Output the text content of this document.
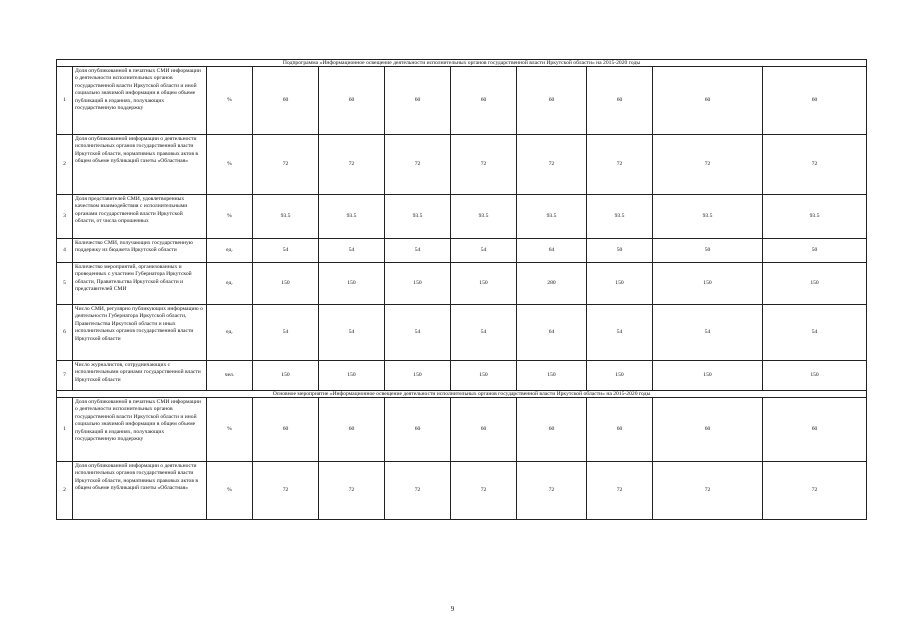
Подпрограмма «Информационное освещение деятельности исполнительных органов государственной власти Иркутской области» на 2015-2020 годы										
1	Доля опубликованной в печатных СМИ информации о деятельности исполнительных органов государственной власти Иркутской области и иной социально значимой информации в общем объеме публикаций в изданиях, получающих государственную поддержку	%	60	60	60	60	60	60	60	60
2	Доля опубликованной информации о деятельности исполнительных органов государственной власти Иркутской области, нормативных правовых актов в общем объеме публикаций газеты «Областная»	%	72	72	72	72	72	72	72	72
3	Доля представителей СМИ, удовлетворенных качеством взаимодействия с исполнительными органами государственной власти Иркутской области, от числа опрошенных	%	93.5	93.5	93.5	93.5	93.5	93.5	93.5	93.5
4	Количество СМИ, получающих государственную поддержку из бюджета Иркутской области	ед.	54	54	54	54	64	50	50	50
5	Количество мероприятий, организованных и проведенных с участием Губернатора Иркутской области, Правительства Иркутской области и представителей СМИ	ед.	150	150	150	150	280	150	150	150
6	Число СМИ, регулярно публикующих информацию о деятельности Губернатора Иркутской области, Правительства Иркутской области и иных исполнительных органов государственной власти Иркутской области	ед.	54	54	54	54	64	54	54	54
7	Число журналистов, сотрудничающих с исполнительными органами государственной власти Иркутской области	чел.	150	150	150	150	150	150	150	150
Основное мероприятие «Информационное освещение деятельности исполнительных органов государственной власти Иркутской области» на 2015-2020 годы										
1	Доля опубликованной в печатных СМИ информации о деятельности исполнительных органов государственной власти Иркутской области и иной социально значимой информации в общем объеме публикаций в изданиях, получающих государственную поддержку	%	60	60	60	60	60	60	60	60
2	Доля опубликованной информации о деятельности исполнительных органов государственной власти Иркутской области, нормативных правовых актов в общем объеме публикаций газеты «Областная»	%	72	72	72	72	72	72	72	72
9
